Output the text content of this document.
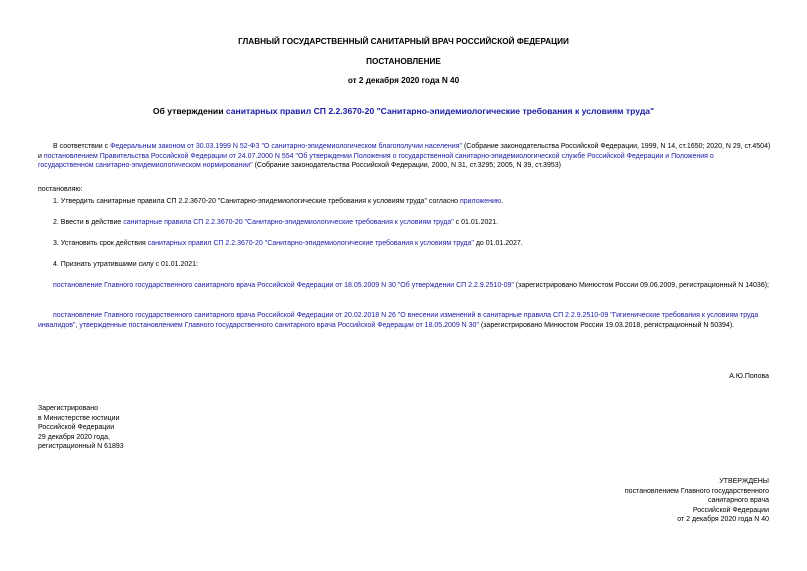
ГЛАВНЫЙ ГОСУДАРСТВЕННЫЙ САНИТАРНЫЙ ВРАЧ РОССИЙСКОЙ ФЕДЕРАЦИИ
ПОСТАНОВЛЕНИЕ
от 2 декабря 2020 года N 40
Об утверждении санитарных правил СП 2.2.3670-20 "Санитарно-эпидемиологические требования к условиям труда"

В соответствии с Федеральным законом от 30.03.1999 N 52-ФЗ "О санитарно-эпидемиологическом благополучии населения" (Собрание законодательства Российской Федерации, 1999, N 14, ст.1650; 2020, N 29, ст.4504) и постановлением Правительства Российской Федерации от 24.07.2000 N 554 "Об утверждении Положения о государственной санитарно-эпидемиологической службе Российской Федерации и Положения о государственном санитарно-эпидемиологическом нормировании" (Собрание законодательства Российской Федерации, 2000, N 31, ст.3295; 2005, N 39, ст.3953)

постановляю:

1. Утвердить санитарные правила СП 2.2.3670-20 "Санитарно-эпидемиологические требования к условиям труда" согласно приложению.

2. Ввести в действие санитарные правила СП 2.2.3670-20 "Санитарно-эпидемиологические требования к условиям труда" с 01.01.2021.

3. Установить срок действия санитарных правил СП 2.2.3670-20 "Санитарно-эпидемиологические требования к условиям труда" до 01.01.2027.

4. Признать утратившими силу с 01.01.2021:

постановление Главного государственного санитарного врача Российской Федерации от 18.05.2009 N 30 "Об утверждении СП 2.2.9.2510-09" (зарегистрировано Минюстом России 09.06.2009, регистрационный N 14036);

постановление Главного государственного санитарного врача Российской Федерации от 20.02.2018 N 26 "О внесении изменений в санитарные правила СП 2.2.9.2510-09 "Гигиенические требования к условиям труда инвалидов", утвержденные постановлением Главного государственного санитарного врача Российской Федерации от 18.05.2009 N 30" (зарегистрировано Минюстом России 19.03.2018, регистрационный N 50394).

А.Ю.Попова
Зарегистрировано
в Министерстве юстиции
Российской Федерации
29 декабря 2020 года,
регистрационный N 61893
УТВЕРЖДЕНЫ
постановлением Главного государственного
санитарного врача
Российской Федерации
от 2 декабря 2020 года N 40
